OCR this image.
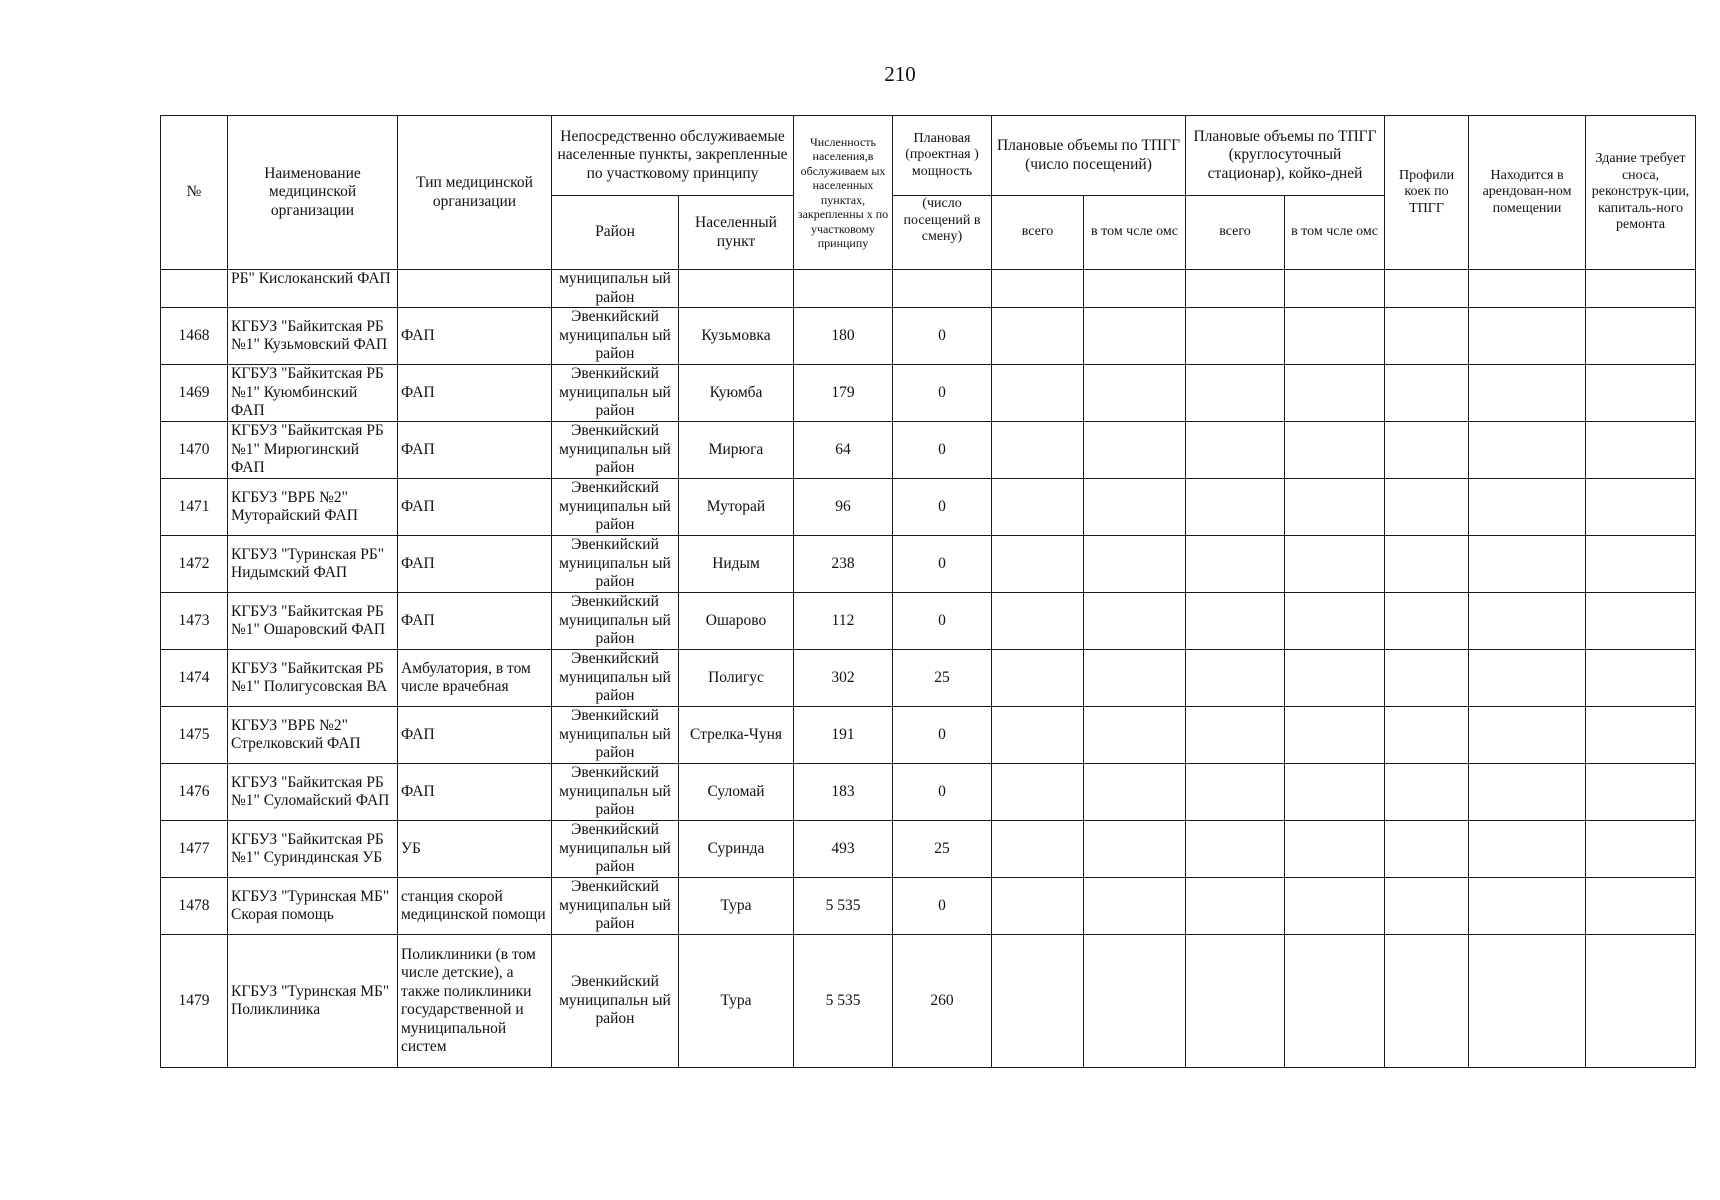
210
№	Наименование медицинской организации	Тип медицинской организации	Непосредственно обслуживаемые населенные пункты, закрепленные по участковому принципу		Численность населения,в обслуживаем ых населенных пунктах, закрепленны х по участковому принципу	Плановая (проектная ) мощность	Плановые объемы по ТПГГ (число посещений)		Плановые объемы по ТПГГ (круглосуточный стационар), койко-дней		Профили коек по ТПГГ	Находится в арендован-ном помещении	Здание требует сноса, реконструк-ции, капиталь-ного ремонта
			Район	Населенный пункт		(число посещений в смену)	всего	в том чсле омс	всего	в том чсле омс			
	РБ" Кислоканский ФАП		муниципальн ый район										
1468	КГБУЗ "Байкитская РБ №1" Кузьмовский ФАП	ФАП	Эвенкийский муниципальн ый район	Кузьмовка	180	0							
1469	КГБУЗ "Байкитская РБ №1" Куюмбинский ФАП	ФАП	Эвенкийский муниципальн ый район	Куюмба	179	0							
1470	КГБУЗ "Байкитская РБ №1" Мирюгинский ФАП	ФАП	Эвенкийский муниципальн ый район	Мирюга	64	0							
1471	КГБУЗ "ВРБ №2" Муторайский ФАП	ФАП	Эвенкийский муниципальн ый район	Муторай	96	0							
1472	КГБУЗ "Туринская РБ" Нидымский ФАП	ФАП	Эвенкийский муниципальн ый район	Нидым	238	0							
1473	КГБУЗ "Байкитская РБ №1" Ошаровский ФАП	ФАП	Эвенкийский муниципальн ый район	Ошарово	112	0							
1474	КГБУЗ "Байкитская РБ №1" Полигусовская ВА	Амбулатория, в том числе врачебная	Эвенкийский муниципальн ый район	Полигус	302	25							
1475	КГБУЗ "ВРБ №2" Стрелковский ФАП	ФАП	Эвенкийский муниципальн ый район	Стрелка-Чуня	191	0							
1476	КГБУЗ "Байкитская РБ №1" Суломайский ФАП	ФАП	Эвенкийский муниципальн ый район	Суломай	183	0							
1477	КГБУЗ "Байкитская РБ №1" Суриндинская УБ	УБ	Эвенкийский муниципальн ый район	Суринда	493	25							
1478	КГБУЗ "Туринская МБ" Скорая помощь	станция скорой медицинской помощи	Эвенкийский муниципальн ый район	Тура	5 535	0							
1479	КГБУЗ "Туринская МБ" Поликлиника	Поликлиники (в том числе детские), а также поликлиники государственной и муниципальной систем	Эвенкийский муниципальн ый район	Тура	5 535	260							
